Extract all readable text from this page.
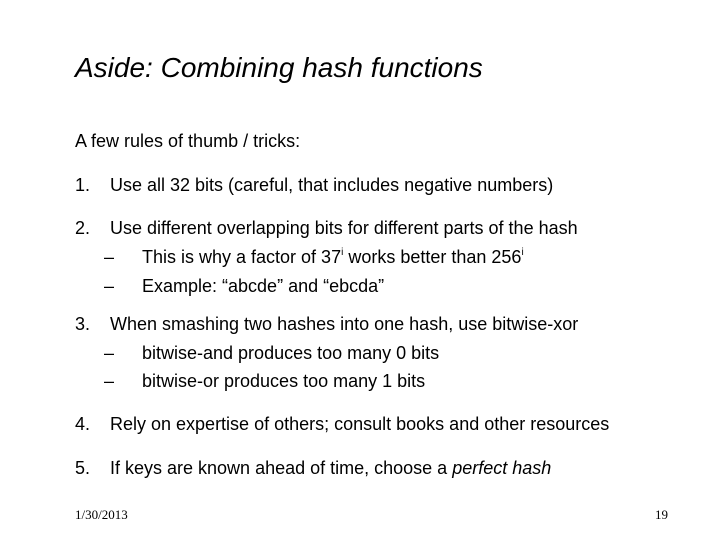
Aside: Combining hash functions
A few rules of thumb / tricks:
1. Use all 32 bits (careful, that includes negative numbers)
2. Use different overlapping bits for different parts of the hash
– This is why a factor of 37$^i$ works better than 256$^i$
– Example: “abcde” and “ebcda”
3. When smashing two hashes into one hash, use bitwise-xor
– bitwise-and produces too many 0 bits
– bitwise-or produces too many 1 bits
4. Rely on expertise of others; consult books and other resources
5. If keys are known ahead of time, choose a perfect hash
1/30/2013	19
